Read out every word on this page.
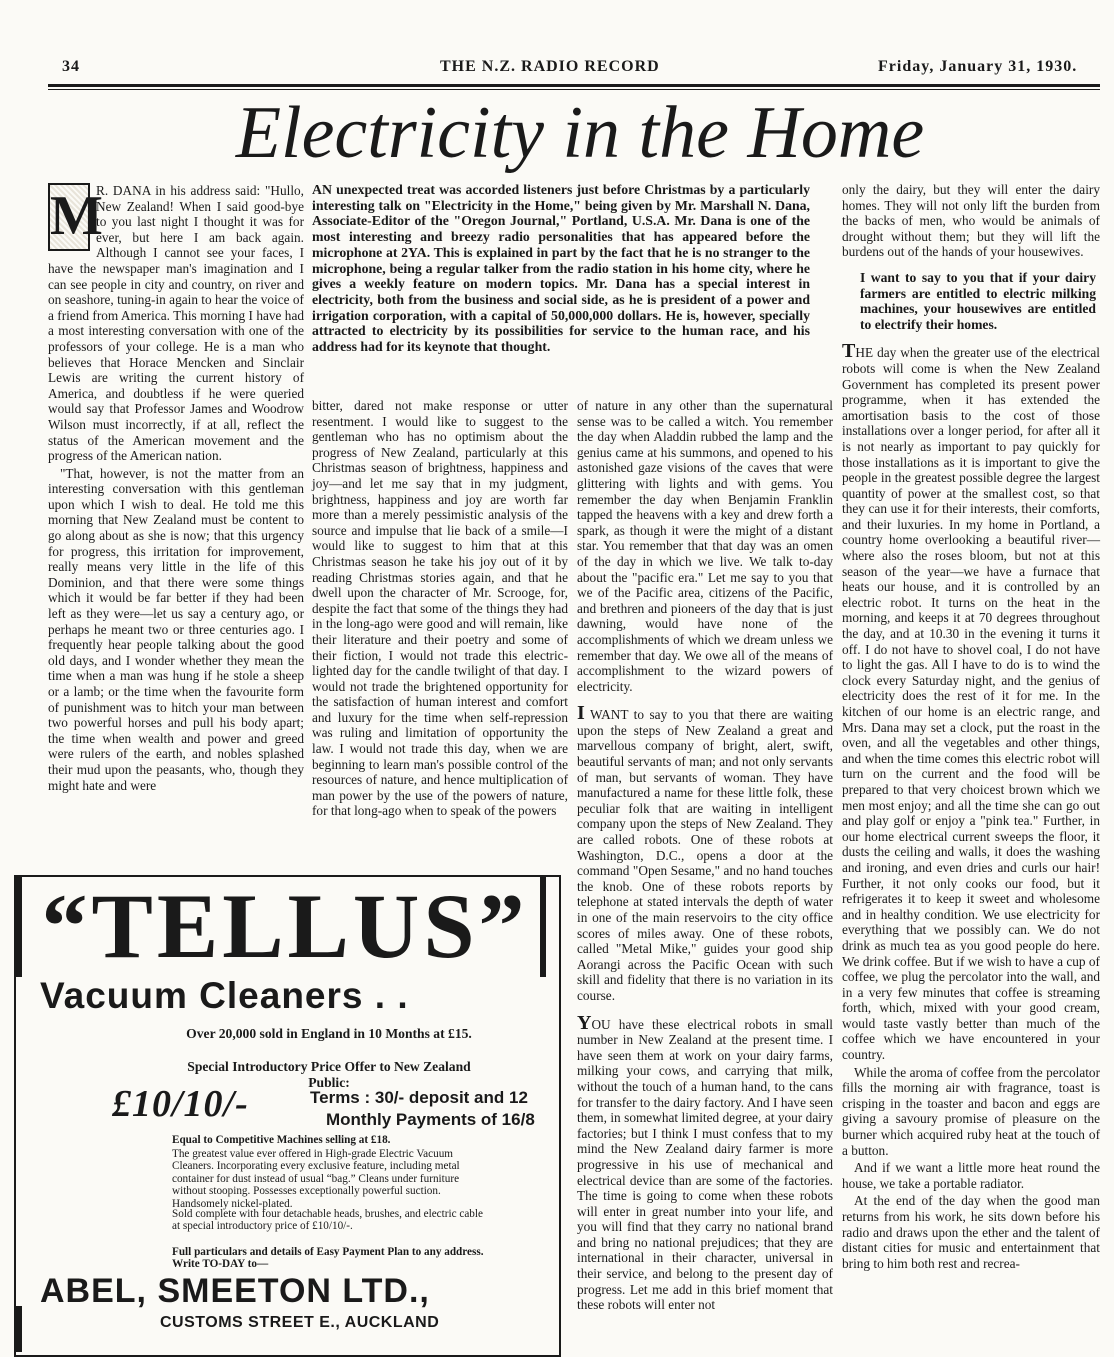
34	THE N.Z. RADIO RECORD	Friday, January 31, 1930.
Electricity in the Home
M

R. DANA in his address said: "Hullo, New Zealand! When I said good-bye to you last night I thought it was for ever, but here I am back again. Although I cannot see your faces, I have the newspaper man's imagination and I can see people in city and country, on river and on seashore, tuning-in again to hear the voice of a friend from America. This morning I have had a most interesting conversation with one of the professors of your college. He is a man who believes that Horace Mencken and Sinclair Lewis are writing the current history of America, and doubtless if he were queried would say that Professor James and Woodrow Wilson must incorrectly, if at all, reflect the status of the American movement and the progress of the American nation.

"That, however, is not the matter from an interesting conversation with this gentleman upon which I wish to deal. He told me this morning that New Zealand must be content to go along about as she is now; that this urgency for progress, this irritation for improvement, really means very little in the life of this Dominion, and that there were some things which it would be far better if they had been left as they were—let us say a century ago, or perhaps he meant two or three centuries ago. I frequently hear people talking about the good old days, and I wonder whether they mean the time when a man was hung if he stole a sheep or a lamb; or the time when the favourite form of punishment was to hitch your man between two powerful horses and pull his body apart; the time when wealth and power and greed were rulers of the earth, and nobles splashed their mud upon the peasants, who, though they might hate and were

AN unexpected treat was accorded listeners just before Christmas by a particularly interesting talk on "Electricity in the Home," being given by Mr. Marshall N. Dana, Associate-Editor of the "Oregon Journal," Portland, U.S.A. Mr. Dana is one of the most interesting and breezy radio personalities that has appeared before the microphone at 2YA. This is explained in part by the fact that he is no stranger to the microphone, being a regular talker from the radio station in his home city, where he gives a weekly feature on modern topics. Mr. Dana has a special interest in electricity, both from the business and social side, as he is president of a power and irrigation corporation, with a capital of 50,000,000 dollars. He is, however, specially attracted to electricity by its possibilities for service to the human race, and his address had for its keynote that thought.

bitter, dared not make response or utter resentment. I would like to suggest to the gentleman who has no optimism about the progress of New Zealand, particularly at this Christmas season of brightness, happiness and joy—and let me say that in my judgment, brightness, happiness and joy are worth far more than a merely pessimistic analysis of the source and impulse that lie back of a smile—I would like to suggest to him that at this Christmas season he take his joy out of it by reading Christmas stories again, and that he dwell upon the character of Mr. Scrooge, for, despite the fact that some of the things they had in the long-ago were good and will remain, like their literature and their poetry and some of their fiction, I would not trade this electric-lighted day for the candle twilight of that day. I would not trade the brightened opportunity for the satisfaction of human interest and comfort and luxury for the time when self-repression was ruling and limitation of opportunity the law. I would not trade this day, when we are beginning to learn man's possible control of the resources of nature, and hence multiplication of man power by the use of the powers of nature, for that long-ago when to speak of the powers

of nature in any other than the supernatural sense was to be called a witch. You remember the day when Aladdin rubbed the lamp and the genius came at his summons, and opened to his astonished gaze visions of the caves that were glittering with lights and with gems. You remember the day when Benjamin Franklin tapped the heavens with a key and drew forth a spark, as though it were the might of a distant star. You remember that that day was an omen of the day in which we live. We talk to-day about the "pacific era." Let me say to you that we of the Pacific area, citizens of the Pacific, and brethren and pioneers of the day that is just dawning, would have none of the accomplishments of which we dream unless we remember that day. We owe all of the means of accomplishment to the wizard powers of electricity.

I WANT to say to you that there are waiting upon the steps of New Zealand a great and marvellous company of bright, alert, swift, beautiful servants of man; and not only servants of man, but servants of woman. They have manufactured a name for these little folk, these peculiar folk that are waiting in intelligent company upon the steps of New Zealand. They are called robots. One of these robots at Washington, D.C., opens a door at the command "Open Sesame," and no hand touches the knob. One of these robots reports by telephone at stated intervals the depth of water in one of the main reservoirs to the city office scores of miles away. One of these robots, called "Metal Mike," guides your good ship Aorangi across the Pacific Ocean with such skill and fidelity that there is no variation in its course.

YOU have these electrical robots in small number in New Zealand at the present time. I have seen them at work on your dairy farms, milking your cows, and carrying that milk, without the touch of a human hand, to the cans for transfer to the dairy factory. And I have seen them, in somewhat limited degree, at your dairy factories; but I think I must confess that to my mind the New Zealand dairy farmer is more progressive in his use of mechanical and electrical device than are some of the factories. The time is going to come when these robots will enter in great number into your life, and you will find that they carry no national brand and bring no national prejudices; that they are international in their character, universal in their service, and belong to the present day of progress. Let me add in this brief moment that these robots will enter not

only the dairy, but they will enter the dairy homes. They will not only lift the burden from the backs of men, who would be animals of drought without them; but they will lift the burdens out of the hands of your housewives.

I want to say to you that if your dairy farmers are entitled to electric milking machines, your housewives are entitled to electrify their homes.

THE day when the greater use of the electrical robots will come is when the New Zealand Government has completed its present power programme, when it has extended the amortisation basis to the cost of those installations over a longer period, for after all it is not nearly as important to pay quickly for those installations as it is important to give the people in the greatest possible degree the largest quantity of power at the smallest cost, so that they can use it for their interests, their comforts, and their luxuries. In my home in Portland, a country home overlooking a beautiful river—where also the roses bloom, but not at this season of the year—we have a furnace that heats our house, and it is controlled by an electric robot. It turns on the heat in the morning, and keeps it at 70 degrees throughout the day, and at 10.30 in the evening it turns it off. I do not have to shovel coal, I do not have to light the gas. All I have to do is to wind the clock every Saturday night, and the genius of electricity does the rest of it for me. In the kitchen of our home is an electric range, and Mrs. Dana may set a clock, put the roast in the oven, and all the vegetables and other things, and when the time comes this electric robot will turn on the current and the food will be prepared to that very choicest brown which we men most enjoy; and all the time she can go out and play golf or enjoy a "pink tea." Further, in our home electrical current sweeps the floor, it dusts the ceiling and walls, it does the washing and ironing, and even dries and curls our hair! Further, it not only cooks our food, but it refrigerates it to keep it sweet and wholesome and in healthy condition. We use electricity for everything that we possibly can. We do not drink as much tea as you good people do here. We drink coffee. But if we wish to have a cup of coffee, we plug the percolator into the wall, and in a very few minutes that coffee is streaming forth, which, mixed with your good cream, would taste vastly better than much of the coffee which we have encountered in your country.

While the aroma of coffee from the percolator fills the morning air with fragrance, toast is crisping in the toaster and bacon and eggs are giving a savoury promise of pleasure on the burner which acquired ruby heat at the touch of a button.

And if we want a little more heat round the house, we take a portable radiator.

At the end of the day when the good man returns from his work, he sits down before his radio and draws upon the ether and the talent of distant cities for music and entertainment that bring to him both rest and recrea-

“TELLUS”
Vacuum Cleaners . .
Over 20,000 sold in England in 10 Months at £15.
Special Introductory Price Offer to New Zealand Public:
£10/10/-	Terms : 30/- deposit and 12
Monthly Payments of 16/8
Equal to Competitive Machines selling at £18.
The greatest value ever offered in High-grade Electric Vacuum Cleaners. Incorporating every exclusive feature, including metal container for dust instead of usual “bag.” Cleans under furniture without stooping. Possesses exceptionally powerful suction. Handsomely nickel-plated.
Sold complete with four detachable heads, brushes, and electric cable at special introductory price of £10/10/-.
Full particulars and details of Easy Payment Plan to any address. Write TO-DAY to—
ABEL, SMEETON LTD.,
CUSTOMS STREET E., AUCKLAND
